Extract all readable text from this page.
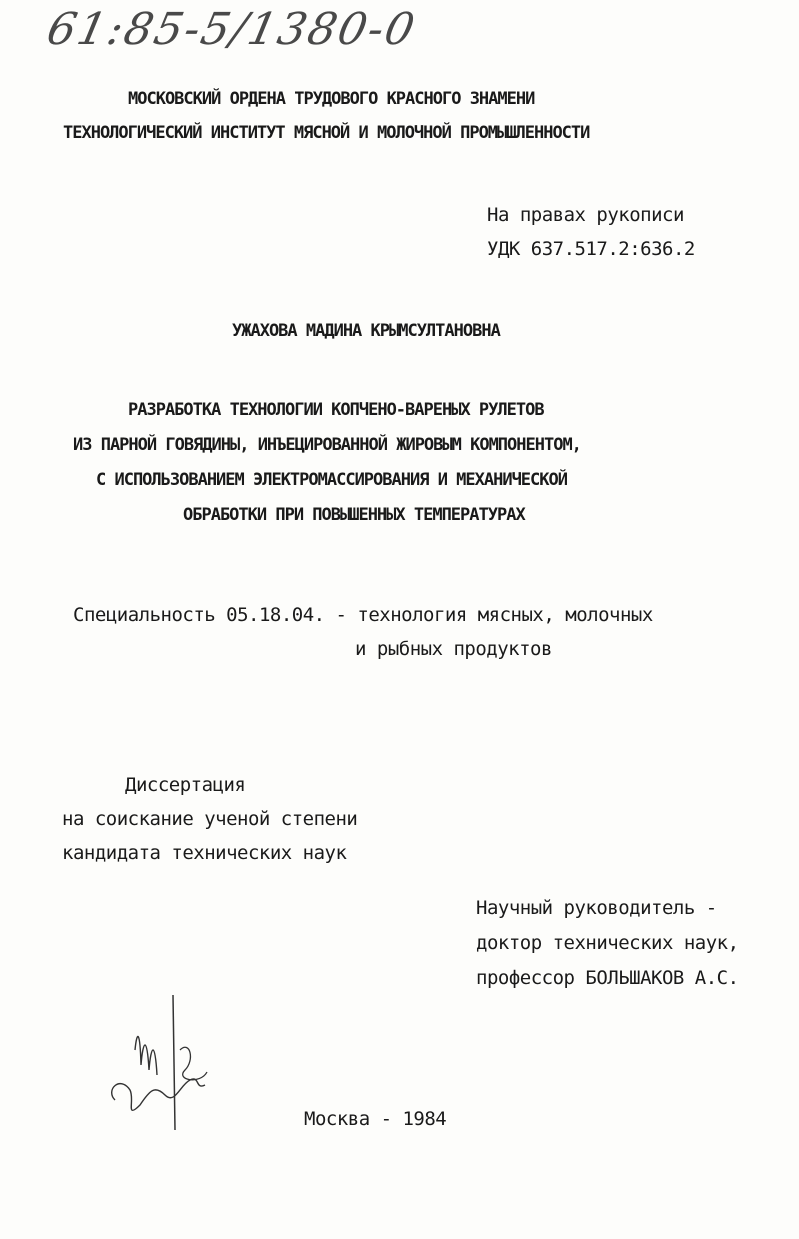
61:85-5/1380-0
МОСКОВСКИЙ ОРДЕНА ТРУДОВОГО КРАСНОГО ЗНАМЕНИ
ТЕХНОЛОГИЧЕСКИЙ ИНСТИТУТ МЯСНОЙ И МОЛОЧНОЙ ПРОМЫШЛЕННОСТИ
На правах рукописи
УДК 637.517.2:636.2
УЖАХОВА МАДИНА КРЫМСУЛТАНОВНА
РАЗРАБОТКА ТЕХНОЛОГИИ КОПЧЕНО-ВАРЕНЫХ РУЛЕТОВ
ИЗ ПАРНОЙ ГОВЯДИНЫ, ИНЪЕЦИРОВАННОЙ ЖИРОВЫМ КОМПОНЕНТОМ,
С ИСПОЛЬЗОВАНИЕМ ЭЛЕКТРОМАССИРОВАНИЯ И МЕХАНИЧЕСКОЙ
ОБРАБОТКИ ПРИ ПОВЫШЕННЫХ ТЕМПЕРАТУРАХ
Специальность 05.18.04. - технология мясных, молочных
и рыбных продуктов
Диссертация
на соискание ученой степени
кандидата технических наук
Научный руководитель -
доктор технических наук,
профессор БОЛЬШАКОВ А.С.
Москва - 1984
